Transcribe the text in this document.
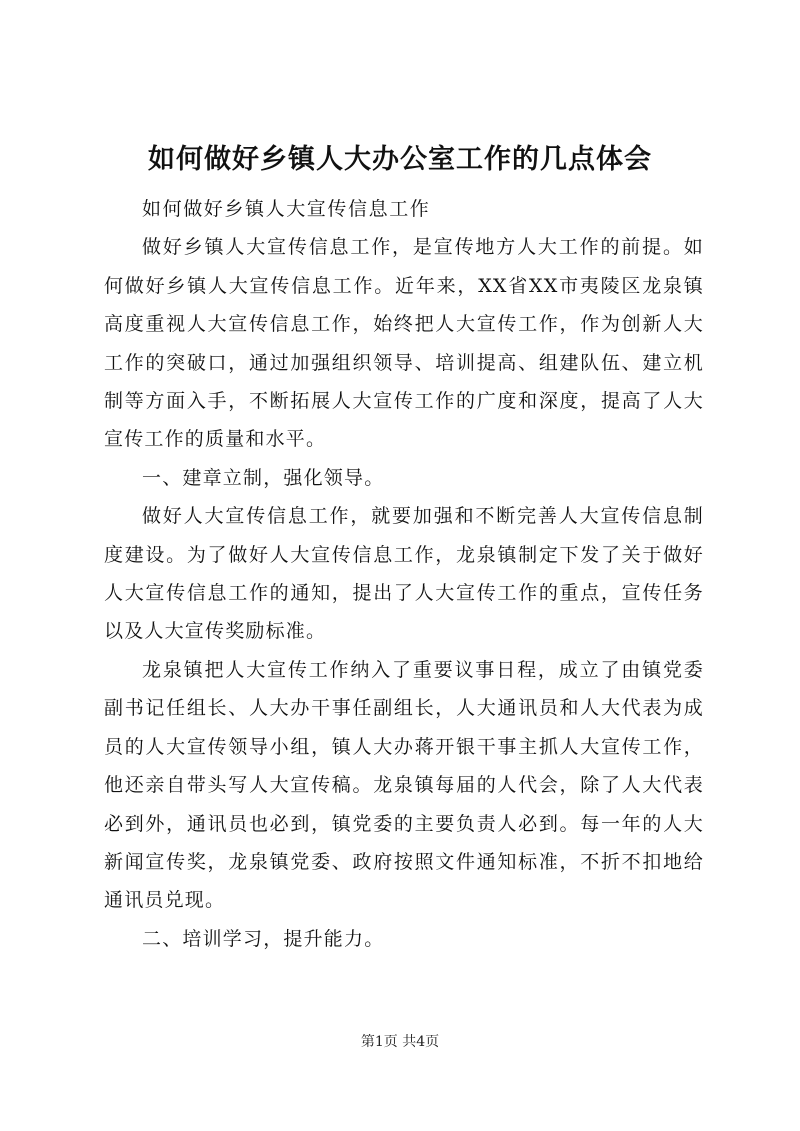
如何做好乡镇人大办公室工作的几点体会

如何做好乡镇人大宣传信息工作

做好乡镇人大宣传信息工作，是宣传地方人大工作的前提。如何做好乡镇人大宣传信息工作。近年来，XX省XX市夷陵区龙泉镇高度重视人大宣传信息工作，始终把人大宣传工作，作为创新人大工作的突破口，通过加强组织领导、培训提高、组建队伍、建立机制等方面入手，不断拓展人大宣传工作的广度和深度，提高了人大宣传工作的质量和水平。

一、建章立制，强化领导。

做好人大宣传信息工作，就要加强和不断完善人大宣传信息制度建设。为了做好人大宣传信息工作，龙泉镇制定下发了关于做好人大宣传信息工作的通知，提出了人大宣传工作的重点，宣传任务以及人大宣传奖励标准。

龙泉镇把人大宣传工作纳入了重要议事日程，成立了由镇党委副书记任组长、人大办干事任副组长，人大通讯员和人大代表为成员的人大宣传领导小组，镇人大办蒋开银干事主抓人大宣传工作，他还亲自带头写人大宣传稿。龙泉镇每届的人代会，除了人大代表必到外，通讯员也必到，镇党委的主要负责人必到。每一年的人大新闻宣传奖，龙泉镇党委、政府按照文件通知标准，不折不扣地给通讯员兑现。

二、培训学习，提升能力。

第1页 共4页
